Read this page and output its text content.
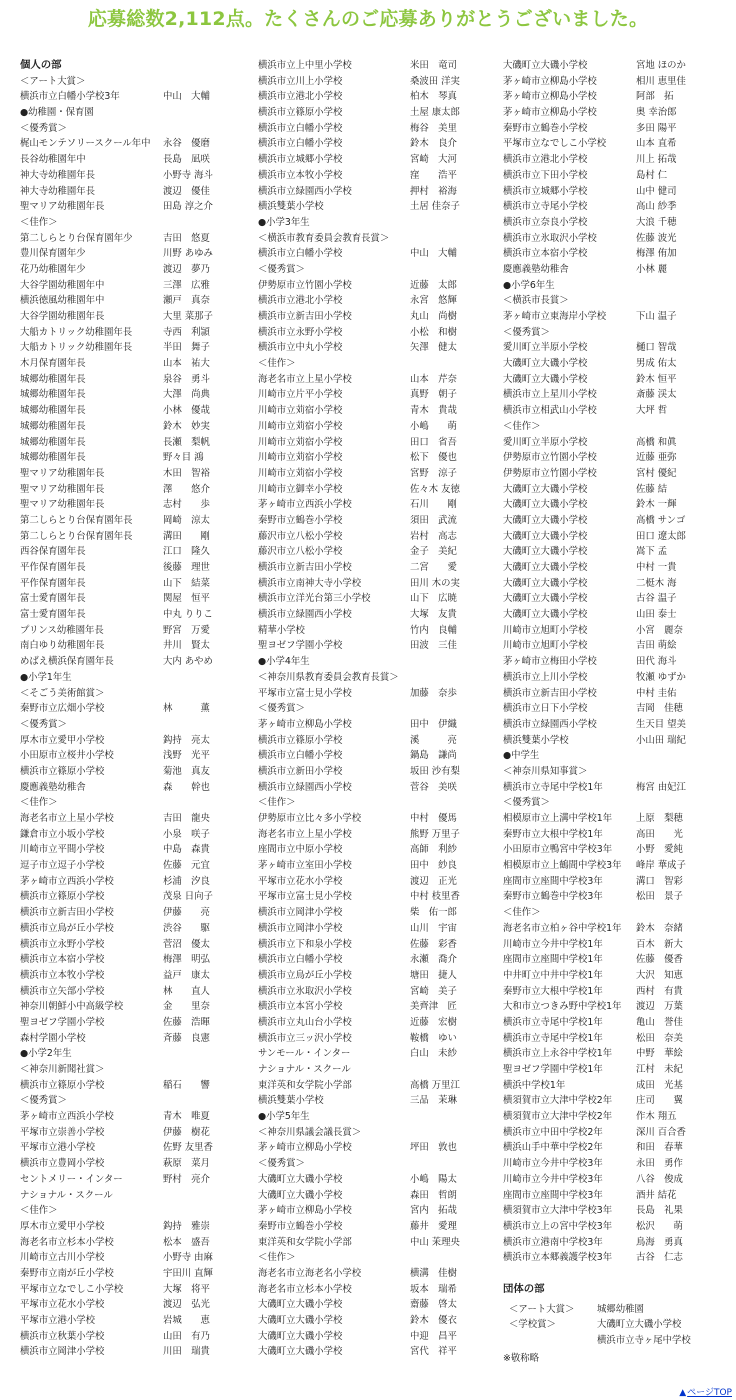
応募総数2,112点。たくさんのご応募ありがとうございました。
個人の部
＜アート大賞＞
横浜市立白幡小学校3年	中山　大輔
●幼稚園・保育園
＜優秀賞＞
梶山モンテソリースクール年中 永谷　優磨
長谷幼稚園年中	長島　凪咲
神大寺幼稚園年長	小野寺 海斗
神大寺幼稚園年長	渡辺　優佳
聖マリア幼稚園年長	田島 淳之介
＜佳作＞
第二しらとり台保育園年少	吉田　悠夏
豊川保育園年少	川野 あゆみ
花乃幼稚園年少	渡辺　夢乃
大谷学園幼稚園年中	三澤　広雅
横浜徳風幼稚園年中	瀬戸　真奈
大谷学園幼稚園年長	大里 菜那子
大船カトリック幼稚園年長	寺西　利頴
大船カトリック幼稚園年長	半田　舞子
木月保育園年長	山本　祐大
城郷幼稚園年長	泉谷　勇斗
城郷幼稚園年長	大澤　尚典
城郷幼稚園年長	小林　優哉
城郷幼稚園年長	鈴木　妙実
城郷幼稚園年長	長瀬　梨帆
城郷幼稚園年長	野々目 鴻
聖マリア幼稚園年長	木田　智裕
聖マリア幼稚園年長	澤　　悠介
聖マリア幼稚園年長	志村　　歩
第二しらとり台保育園年長	岡崎　涼太
第二しらとり台保育園年長	溝田　　剛
西谷保育園年長	江口　隆久
平作保育園年長	後藤　理世
平作保育園年長	山下　結菜
富士愛育園年長	関屋　恒平
富士愛育園年長	中丸 りりこ
プリンス幼稚園年長	野宮　万愛
南白ゆり幼稚園年長	井川　賢太
めばえ横浜保育園年長	大内 あやめ
●小学1年生
＜そごう美術館賞＞
秦野市立広畑小学校	林　　　薫
＜優秀賞＞
厚木市立愛甲小学校	鈎持　亮太
小田原市立桜井小学校	浅野　光平
横浜市立篠原小学校	菊池　真友
慶應義塾幼稚舎	森　　幹也
＜佳作＞
海老名市立上星小学校	吉田　龍央
鎌倉市立小坂小学校	小泉　咲子
川崎市立平間小学校	中島　森貴
逗子市立逗子小学校	佐藤　元宜
茅ヶ崎市立西浜小学校	杉浦　汐良
横浜市立篠原小学校	茂泉 日向子
横浜市立新吉田小学校	伊藤　　亮
横浜市立鳥が丘小学校	渋谷　　駆
横浜市立永野小学校	菅沼　優太
横浜市立本宿小学校	梅澤　明弘
横浜市立本牧小学校	益戸　康太
横浜市立矢部小学校	林　　直人
神奈川朝鮮小中高級学校	金　　里奈
聖ヨゼフ学園小学校	佐藤　浩暉
森村学園小学校	斉藤　良憲
●小学2年生
＜神奈川新聞社賞＞
横浜市立篠原小学校	稲石　　響
＜優秀賞＞
茅ヶ崎市立西浜小学校	青木　唯夏
平塚市立崇善小学校	伊藤　樹花
平塚市立港小学校	佐野 友里香
横浜市立豊岡小学校	萩原　菜月
セントメリー・インター	野村　亮介
ナショナル・スクール
＜佳作＞
厚木市立愛甲小学校	鈎持　雅崇
海老名市立杉本小学校	松本　盛吾
川崎市立古川小学校	小野寺 由麻
秦野市立南が丘小学校	宇田川 直輝
平塚市立なでしこ小学校	大塚　将平
平塚市立花水小学校	渡辺　弘光
平塚市立港小学校	岩城　　恵
横浜市立秋葉小学校	山田　有乃
横浜市立岡津小学校	川田　瑞貴
横浜市立上中里小学校	米田　竜司
横浜市立川上小学校	桑波田 洋実
横浜市立港北小学校	柏木　琴真
横浜市立篠原小学校	土屋 康太郎
横浜市立白幡小学校	梅谷　美里
横浜市立白幡小学校	鈴木　良介
横浜市立城郷小学校	宮崎　大河
横浜市立本牧小学校	窪　　浩平
横浜市立緑園西小学校	押村　裕海
横浜雙葉小学校	土居 佳奈子
●小学3年生
＜横浜市教育委員会教育長賞＞
横浜市立白幡小学校	中山　大輔
＜優秀賞＞
伊勢原市立竹園小学校	近藤　太郎
横浜市立港北小学校	永宮　悠輝
横浜市立新吉田小学校	丸山　尚樹
横浜市立永野小学校	小松　和樹
横浜市立中丸小学校	矢澤　健太
＜佳作＞
海老名市立上星小学校	山本　芹奈
川崎市立片平小学校	真野　朝子
川崎市立苅宿小学校	青木　貴哉
川崎市立苅宿小学校	小嶋　　萌
川崎市立苅宿小学校	田口　省吾
川崎市立苅宿小学校	松下　優也
川崎市立苅宿小学校	宮野　涼子
川崎市立御幸小学校	佐々木 友徳
茅ヶ崎市立西浜小学校	石川　　剛
秦野市立鶴巻小学校	須田　武流
藤沢市立八松小学校	岩村　高志
藤沢市立八松小学校	金子　美紀
横浜市立新吉田小学校	二宮　　愛
横浜市立南神大寺小学校	田川 木の実
横浜市立洋光台第三小学校	山下　広暁
横浜市立緑園西小学校	大塚　友貴
精華小学校	竹内　良輔
聖ヨゼフ学園小学校	田波　三佳
●小学4年生
＜神奈川県教育委員会教育長賞＞
平塚市立富士見小学校	加藤　奈歩
＜優秀賞＞
茅ヶ崎市立柳島小学校	田中　伊織
横浜市立篠原小学校	溪　　　亮
横浜市立白幡小学校	鍋島　謙尚
横浜市立新田小学校	坂田 沙有梨
横浜市立緑園西小学校	菅谷　美咲
＜佳作＞
伊勢原市立比々多小学校	中村　優馬
海老名市立上星小学校	熊野 万里子
座間市立中原小学校	高師　利紗
茅ヶ崎市立室田小学校	田中　紗良
平塚市立花水小学校	渡辺　正光
平塚市立富士見小学校	中村 枝里香
横浜市立岡津小学校	柴　佑一郎
横浜市立岡津小学校	山川　宇宙
横浜市立下和泉小学校	佐藤　彩香
横浜市立白幡小学校	永瀬　喬介
横浜市立鳥が丘小学校	塘田　捷人
横浜市立氷取沢小学校	宮崎　美子
横浜市立本宮小学校	美齊津　匠
横浜市立丸山台小学校	近藤　宏樹
横浜市立三ッ沢小学校	鞍橋　ゆい
サンモール・インター	白山　未紗
ナショナル・スクール
東洋英和女学院小学部	高橋 万里江
横浜雙葉小学校	三品　茉琳
●小学5年生
＜神奈川県議会議長賞＞
茅ヶ崎市立柳島小学校	坪田　敦也
＜優秀賞＞
大磯町立大磯小学校	小嶋　陽太
大磯町立大磯小学校	森田　哲朗
茅ヶ崎市立柳島小学校	宮内　拓哉
秦野市立鶴巻小学校	藤井　愛理
東洋英和女学院小学部	中山 茉理央
＜佳作＞
海老名市立海老名小学校	横溝　佳樹
海老名市立杉本小学校	坂本　瑞希
大磯町立大磯小学校	齋藤　啓太
大磯町立大磯小学校	鈴木　優衣
大磯町立大磯小学校	中迎　昌平
大磯町立大磯小学校	宮代　祥平
大磯町立大磯小学校	宮地 ほのか
茅ヶ崎市立柳島小学校	相川 恵里佳
茅ヶ崎市立柳島小学校	阿部　拓
茅ヶ崎市立柳島小学校	奥 幸治郎
秦野市立鶴巻小学校	多田 陽平
平塚市立なでしこ小学校	山本 直希
横浜市立港北小学校	川上 拓哉
横浜市立下田小学校	島村 仁
横浜市立城郷小学校	山中 健司
横浜市立寺尾小学校	高山 紗季
横浜市立奈良小学校	大浪 千穂
横浜市立氷取沢小学校	佐藤 波光
横浜市立本宿小学校	梅澤 侑加
慶應義塾幼稚舎	小林 麗
●小学6年生
＜横浜市長賞＞
茅ヶ崎市立東海岸小学校	下山 温子
＜優秀賞＞
愛川町立半原小学校	樋口 智哉
大磯町立大磯小学校	男成 佑太
大磯町立大磯小学校	鈴木 恒平
横浜市立上星川小学校	斎藤 渓太
横浜市立相武山小学校	大坪 哲
＜佳作＞
愛川町立半原小学校	高橋 和眞
伊勢原市立竹園小学校	近藤 亜弥
伊勢原市立竹園小学校	宮村 優紀
大磯町立大磯小学校	佐藤 結
大磯町立大磯小学校	鈴木 一輝
大磯町立大磯小学校	高橋 サンゴ
大磯町立大磯小学校	田口 遼太郎
大磯町立大磯小学校	嵩下 孟
大磯町立大磯小学校	中村 一貴
大磯町立大磯小学校	二梃木 海
大磯町立大磯小学校	古谷 温子
大磯町立大磯小学校	山田 泰士
川崎市立旭町小学校	小宮　麗奈
川崎市立旭町小学校	吉田 萌絵
茅ヶ崎市立梅田小学校	田代 海斗
横浜市立上川小学校	牧瀬 ゆずか
横浜市立新吉田小学校	中村 圭佑
横浜市立日下小学校	吉岡　佳穂
横浜市立緑園西小学校	生天目 望美
横浜雙葉小学校	小山田 瑞紀
●中学生
＜神奈川県知事賞＞
横浜市立寺尾中学校1年	梅宮 由妃江
＜優秀賞＞
相模原市立上溝中学校1年	上原　梨穂
秦野市立大根中学校1年	高田　　光
小田原市立鴨宮中学校3年	小野　愛純
相模原市立上鶴間中学校3年 峰岸 華成子
座間市立座間中学校3年	溝口　智彩
秦野市立鶴巻中学校3年	松田　景子
＜佳作＞
海老名市立柏ヶ谷中学校1年 鈴木　奈緒
川崎市立今井中学校1年	百木　新大
座間市立座間中学校1年	佐藤　優香
中井町立中井中学校1年	大沢　知恵
秦野市立大根中学校1年	西村　有貴
大和市立つきみ野中学校1年 渡辺　万葉
横浜市立寺尾中学校1年	亀山　誉佳
横浜市立寺尾中学校1年	松田　奈美
横浜市立上永谷中学校1年	中野　華絵
聖ヨゼフ学園中学校1年	江村　未紀
横浜中学校1年	成田　光基
横須賀市立大津中学校2年	庄司　　翼
横須賀市立大津中学校2年	作木 翔五
横浜市立中田中学校2年	深川 百合香
横浜山手中華中学校2年	和田　春華
川崎市立今井中学校3年	永田　勇作
川崎市立今井中学校3年	八谷　俊成
座間市立座間中学校3年	酒井 結花
横須賀市立大津中学校3年	長島　礼果
横浜市立上の宮中学校3年	松沢　　萌
横浜市立港南中学校3年	鳥海　勇真
横浜市立本郷義護学校3年	古谷　仁志
団体の部
＜アート大賞＞ 城郷幼稚園
＜学校賞＞	大磯町立大磯小学校
横浜市立寺ヶ尾中学校
※敬称略
▲ページTOP
